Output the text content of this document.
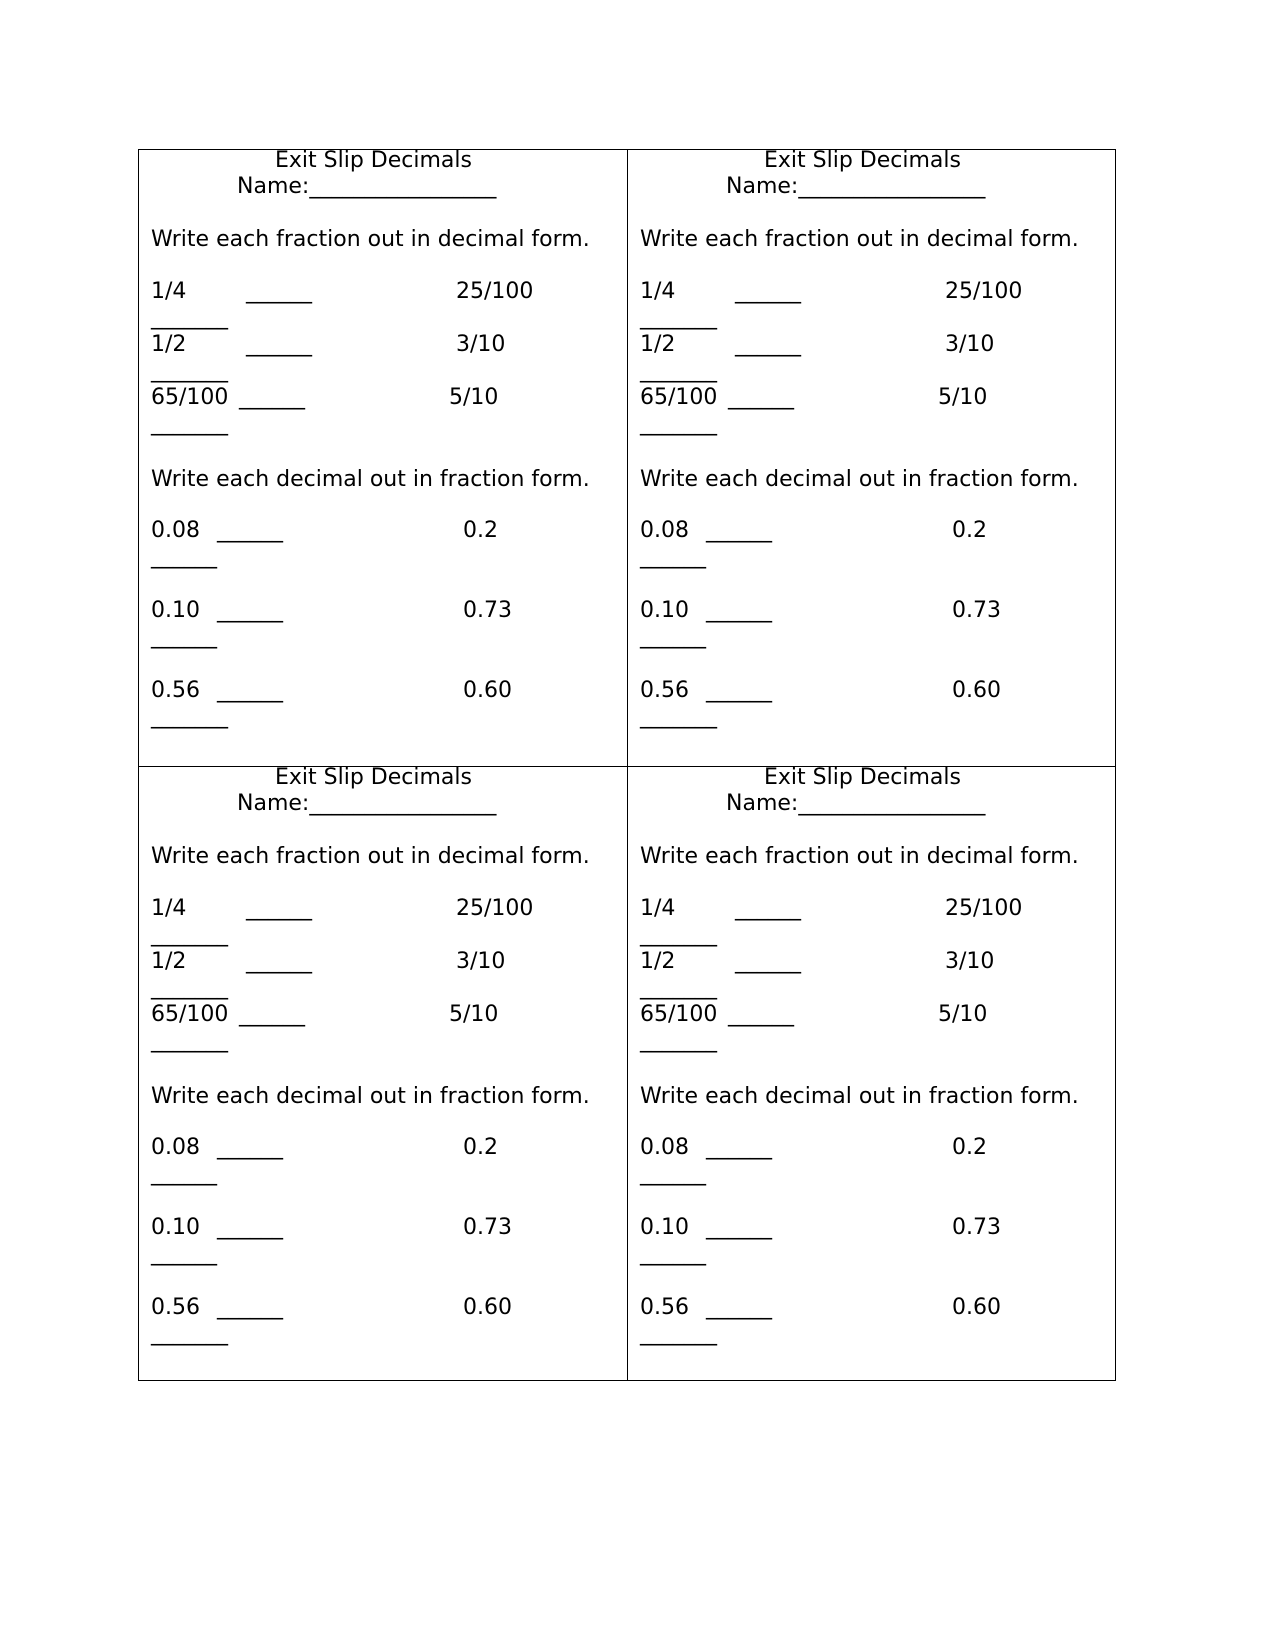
Exit Slip Decimals
Name:_________________
Write each fraction out in decimal form.
1/4	______	25/100
_______
1/2	______	3/10
_______
65/100 ______	5/10
_______
Write each decimal out in fraction form.
0.08 ______	0.2
______
0.10 ______	0.73
______
0.56 ______	0.60
_______
Exit Slip Decimals
Name:_________________
Write each fraction out in decimal form.
1/4	______	25/100
_______
1/2	______	3/10
_______
65/100 ______	5/10
_______
Write each decimal out in fraction form.
0.08 ______	0.2
______
0.10 ______	0.73
______
0.56 ______	0.60
_______
Exit Slip Decimals
Name:_________________
Write each fraction out in decimal form.
1/4	______	25/100
_______
1/2	______	3/10
_______
65/100 ______	5/10
_______
Write each decimal out in fraction form.
0.08 ______	0.2
______
0.10 ______	0.73
______
0.56 ______	0.60
_______
Exit Slip Decimals
Name:_________________
Write each fraction out in decimal form.
1/4	______	25/100
_______
1/2	______	3/10
_______
65/100 ______	5/10
_______
Write each decimal out in fraction form.
0.08 ______	0.2
______
0.10 ______	0.73
______
0.56 ______	0.60
_______
